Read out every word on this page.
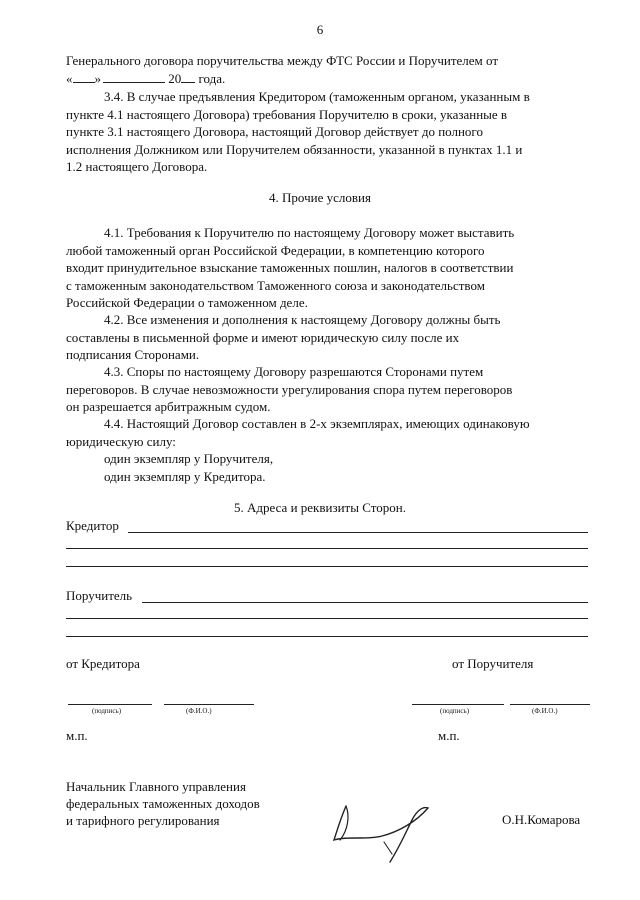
6
Генерального договора поручительства между ФТС России и Поручителем от
« »	20 года.
3.4. В случае предъявления Кредитором (таможенным органом, указанным в
пункте 4.1 настоящего Договора) требования Поручителю в сроки, указанные в
пункте 3.1 настоящего Договора, настоящий Договор действует до полного
исполнения Должником или Поручителем обязанности, указанной в пунктах 1.1 и
1.2 настоящего Договора.
4. Прочие условия
4.1. Требования к Поручителю по настоящему Договору может выставить
любой таможенный орган Российской Федерации, в компетенцию которого
входит принудительное взыскание таможенных пошлин, налогов в соответствии
с таможенным законодательством Таможенного союза и законодательством
Российской Федерации о таможенном деле.
4.2. Все изменения и дополнения к настоящему Договору должны быть
составлены в письменной форме и имеют юридическую силу после их
подписания Сторонами.
4.3. Споры по настоящему Договору разрешаются Сторонами путем
переговоров. В случае невозможности урегулирования спора путем переговоров
он разрешается арбитражным судом.
4.4. Настоящий Договор составлен в 2-х экземплярах, имеющих одинаковую
юридическую силу:
один экземпляр у Поручителя,
один экземпляр у Кредитора.
5. Адреса и реквизиты Сторон.
Кредитор
Поручитель
от Кредитора	от Поручителя
(подпись)	(Ф.И.О.)	(подпись)	(Ф.И.О.)
м.п.	м.п.
Начальник Главного управления
федеральных таможенных доходов
и тарифного регулирования	О.Н.Комарова
